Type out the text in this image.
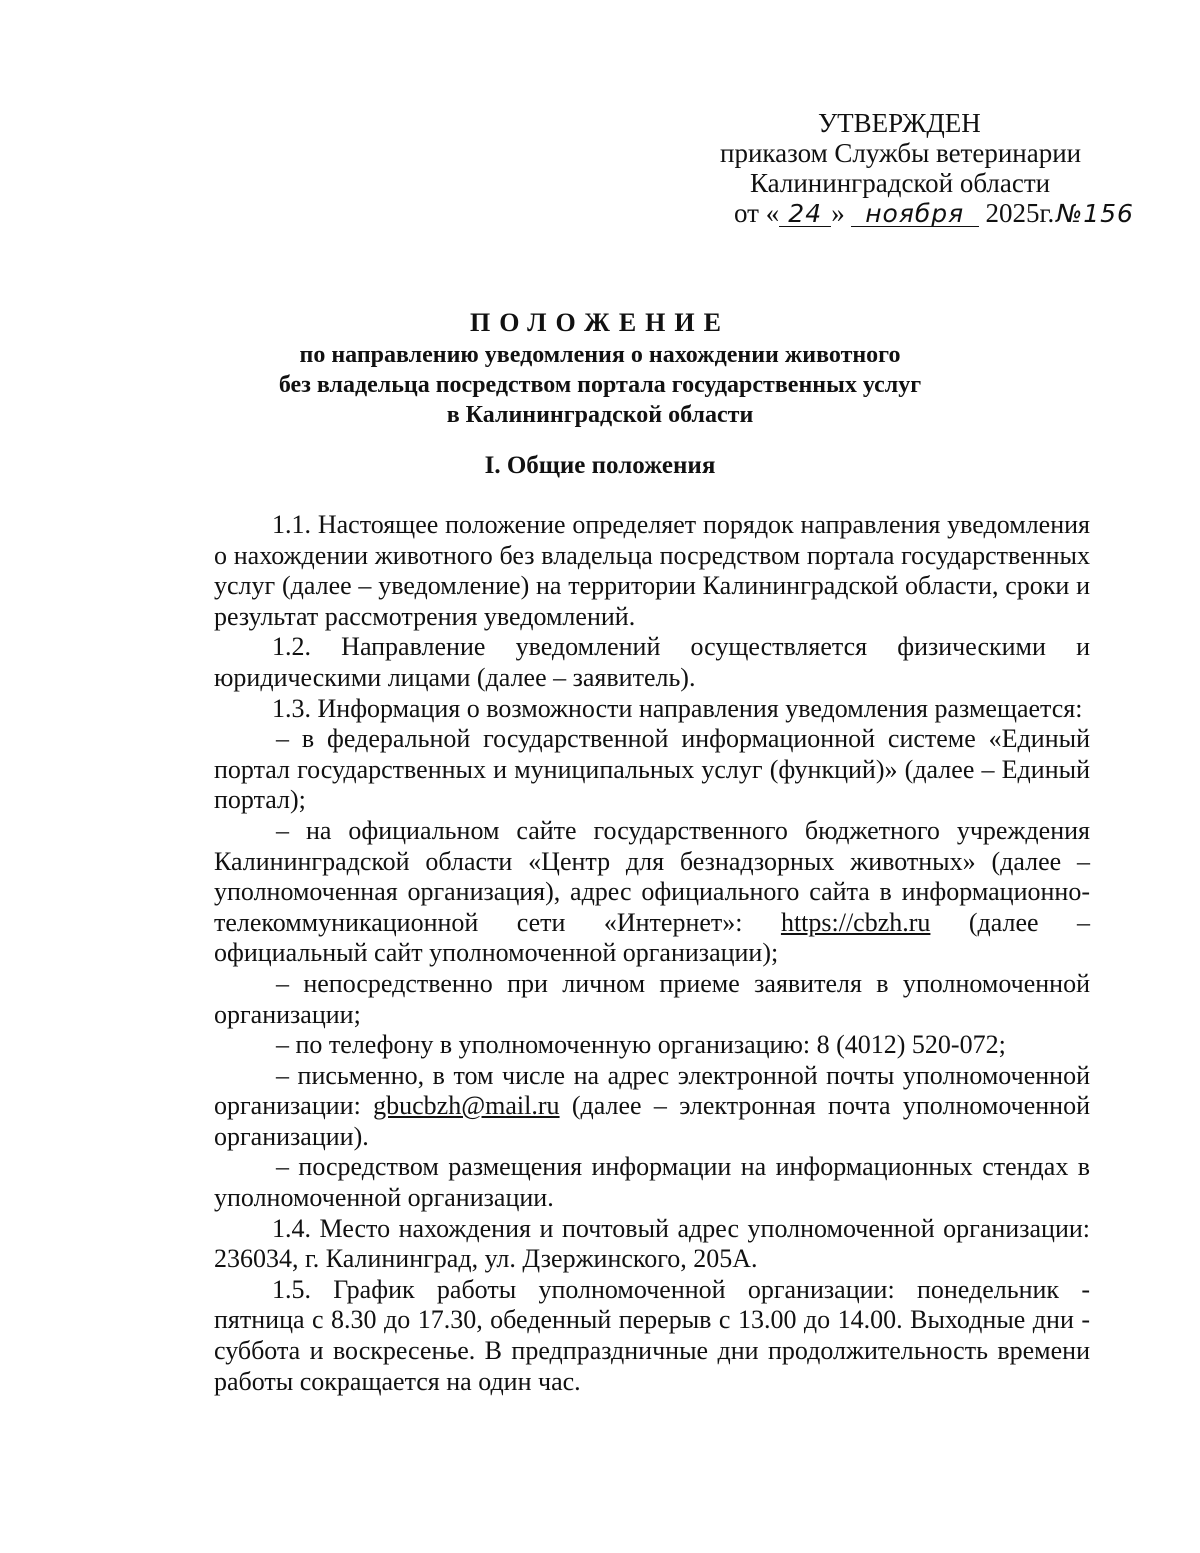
УТВЕРЖДЕН
приказом Службы ветеринарии
Калининградской области
от « 24 » ноября 2025г.№156
ПОЛОЖЕНИЕ
по направлению уведомления о нахождении животного
без владельца посредством портала государственных услуг
в Калининградской области
I. Общие положения

1.1. Настоящее положение определяет порядок направления уведомления о нахождении животного без владельца посредством портала государственных услуг (далее – уведомление) на территории Калининградской области, сроки и результат рассмотрения уведомлений.

1.2. Направление уведомлений осуществляется физическими и юридическими лицами (далее – заявитель).

1.3. Информация о возможности направления уведомления размещается:

– в федеральной государственной информационной системе «Единый портал государственных и муниципальных услуг (функций)» (далее – Единый портал);

– на официальном сайте государственного бюджетного учреждения Калининградской области «Центр для безнадзорных животных» (далее – уполномоченная организация), адрес официального сайта в информационно-телекоммуникационной сети «Интернет»: https://cbzh.ru (далее – официальный сайт уполномоченной организации);

– непосредственно при личном приеме заявителя в уполномоченной организации;

– по телефону в уполномоченную организацию: 8 (4012) 520-072;

– письменно, в том числе на адрес электронной почты уполномоченной организации: gbucbzh@mail.ru (далее – электронная почта уполномоченной организации).

– посредством размещения информации на информационных стендах в уполномоченной организации.

1.4. Место нахождения и почтовый адрес уполномоченной организации: 236034, г. Калининград, ул. Дзержинского, 205А.

1.5. График работы уполномоченной организации: понедельник - пятница с 8.30 до 17.30, обеденный перерыв с 13.00 до 14.00. Выходные дни - суббота и воскресенье. В предпраздничные дни продолжительность времени работы сокращается на один час.
